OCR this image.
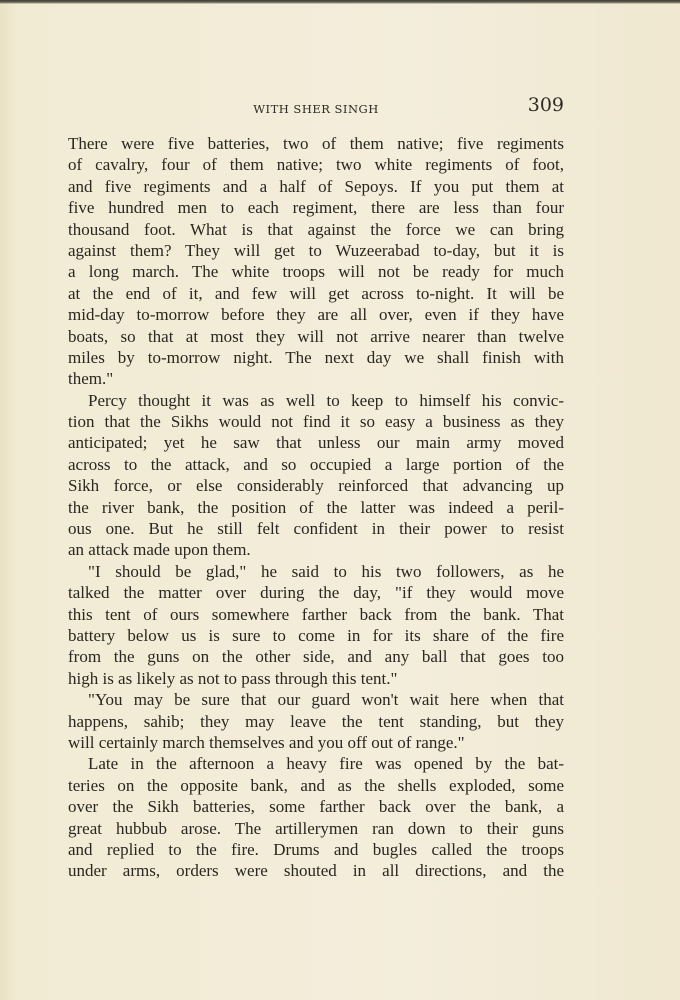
WITH SHER SINGH	309
There were five batteries, two of them native; five regiments
of cavalry, four of them native; two white regiments of foot,
and five regiments and a half of Sepoys. If you put them at
five hundred men to each regiment, there are less than four
thousand foot. What is that against the force we can bring
against them? They will get to Wuzeerabad to-day, but it is
a long march. The white troops will not be ready for much
at the end of it, and few will get across to-night. It will be
mid-day to-morrow before they are all over, even if they have
boats, so that at most they will not arrive nearer than twelve
miles by to-morrow night. The next day we shall finish with
them."
Percy thought it was as well to keep to himself his convic-
tion that the Sikhs would not find it so easy a business as they
anticipated; yet he saw that unless our main army moved
across to the attack, and so occupied a large portion of the
Sikh force, or else considerably reinforced that advancing up
the river bank, the position of the latter was indeed a peril-
ous one. But he still felt confident in their power to resist
an attack made upon them.
"I should be glad," he said to his two followers, as he
talked the matter over during the day, "if they would move
this tent of ours somewhere farther back from the bank. That
battery below us is sure to come in for its share of the fire
from the guns on the other side, and any ball that goes too
high is as likely as not to pass through this tent."
"You may be sure that our guard won't wait here when that
happens, sahib; they may leave the tent standing, but they
will certainly march themselves and you off out of range."
Late in the afternoon a heavy fire was opened by the bat-
teries on the opposite bank, and as the shells exploded, some
over the Sikh batteries, some farther back over the bank, a
great hubbub arose. The artillerymen ran down to their guns
and replied to the fire. Drums and bugles called the troops
under arms, orders were shouted in all directions, and the
